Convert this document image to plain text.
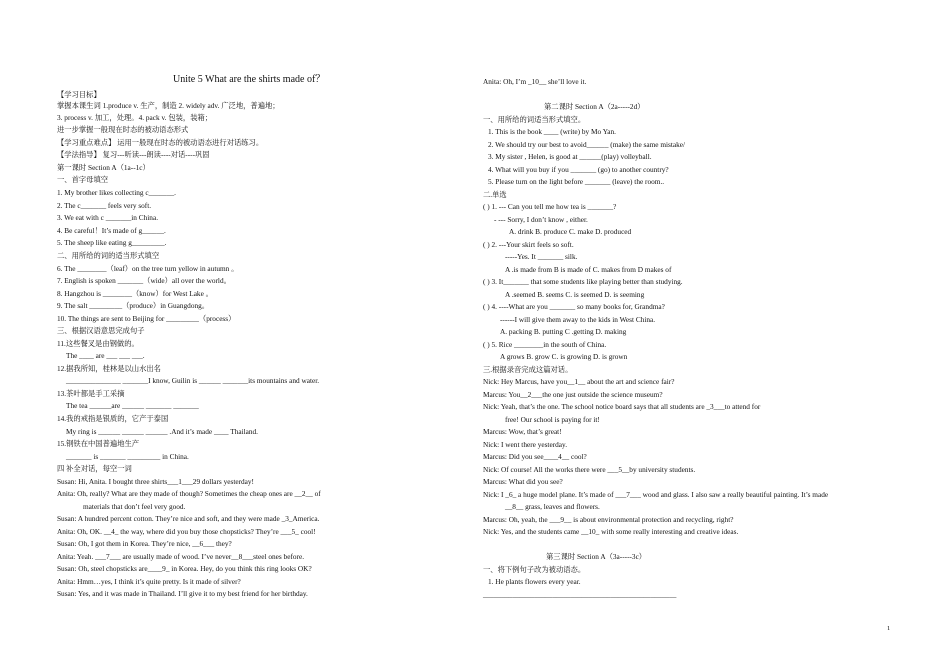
Unite 5 What are the shirts made of？
【学习目标】
掌握本课生词 1.produce v. 生产，制造 2. widely adv. 广泛地，普遍地；
3. process v. 加工，处理。4. pack v. 包装，装箱；
进一步掌握一般现在时态的被动语态形式
【学习重点难点】 运用一般现在时态的被动语态进行对话练习。
【学法指导】 复习---听读---朗读----对话----巩固
第一课时 Section A（1a--1c）
一、首字母填空
1. My brother likes collecting c_______.
2. The c_______ feels very soft.
3. We eat with c _______in China.
4. Be careful！It’s made of g______.
5. The sheep like eating g_________.
二、用所给的词的适当形式填空
6. The ________（leaf）on the tree turn yellow in autumn 。
7. English is spoken _______（wide）all over the world。
8. Hangzhou is ________（know）for West Lake 。
9. The salt _________（produce）in Guangdong。
10. The things are sent to Beijing for _________（process）
三、根据汉语意思完成句子
11.这些餐叉是由钢做的。
The ____ are ___ ___ ___.
12.据我所知，桂林是以山水出名
_______________ _______I know, Guilin is ______ _______its mountains and water.
13.茶叶都是手工采摘
The tea ______are ______ _______ _______
14.我的戒指是银质的，它产于泰国
My ring is ______ ______ ______ .And it’s made ____ Thailand.
15.钢铁在中国普遍地生产
_______ is _______ _________ in China.
四 补全对话，每空一词
Susan: Hi, Anita. I bought three shirts___1___29 dollars yesterday!
Anita: Oh, really? What are they made of though? Sometimes the cheap ones are __2__ of
materials that don’t feel very good.
Susan: A hundred percent cotton. They’re nice and soft, and they were made _3_America.
Anita: Oh, OK. __4_ the way, where did you buy those chopsticks? They’re ___5_ cool!
Susan: Oh, I got them in Korea. They’re nice, __6___ they?
Anita: Yeah. ___7___ are usually made of wood. I’ve never__8___steel ones before.
Susan: Oh, steel chopsticks are____9_ in Korea. Hey, do you think this ring looks OK?
Anita: Hmm…yes, I think it’s quite pretty. Is it made of silver?
Susan: Yes, and it was made in Thailand. I’ll give it to my best friend for her birthday.
Anita: Oh, I’m _10__ she’ll love it.
第二课时 Section A（2a-----2d）
一、用所给的词适当形式填空。
1. This is the book ____ (write) by Mo Yan.
2. We should try our best to avoid______ (make) the same mistake/
3. My sister , Helen, is good at ______(play) volleyball.
4. What will you buy if you _______ (go) to another country?
5. Please turn on the light before _______ (leave) the room..
二.单选
( ) 1. --- Can you tell me how tea is _______?
- --- Sorry, I don’t know , either.
A. drink B. produce C. make D. produced
( ) 2. ---Your skirt feels so soft.
-----Yes. It _______ silk.
A .is made from B is made of C. makes from D makes of
( ) 3. It_______ that some students like playing better than studying.
A .seemed B. seems C. is seemed D. is seeming
( ) 4. ----What are you _______ so many books for, Grandma?
------I will give them away to the kids in West China.
A. packing B. putting C .getting D. making
( ) 5. Rice ________in the south of China.
A grows B. grow C. is growing D. is grown
三.根据录音完成这篇对话。
Nick: Hey Marcus, have you__1__ about the art and science fair?
Marcus: You__2___the one just outside the science museum?
Nick: Yeah, that’s the one. The school notice board says that all students are _3___to attend for
free! Our school is paying for it!
Marcus: Wow, that’s great!
Nick: I went there yesterday.
Marcus: Did you see____4__ cool?
Nick: Of course! All the works there were ___5__by university students.
Marcus: What did you see?
Nick: I _6_ a huge model plane. It’s made of ___7___ wood and glass. I also saw a really beautiful painting. It’s made
__8__ grass, leaves and flowers.
Marcus: Oh, yeah, the ___9__ is about environmental protection and recycling, right?
Nick: Yes, and the students came __10_ with some really interesting and creative ideas.
第三课时 Section A（3a-----3c）
一、将下例句子改为被动语态。
1. He plants flowers every year.
_____________________________________________________
1
